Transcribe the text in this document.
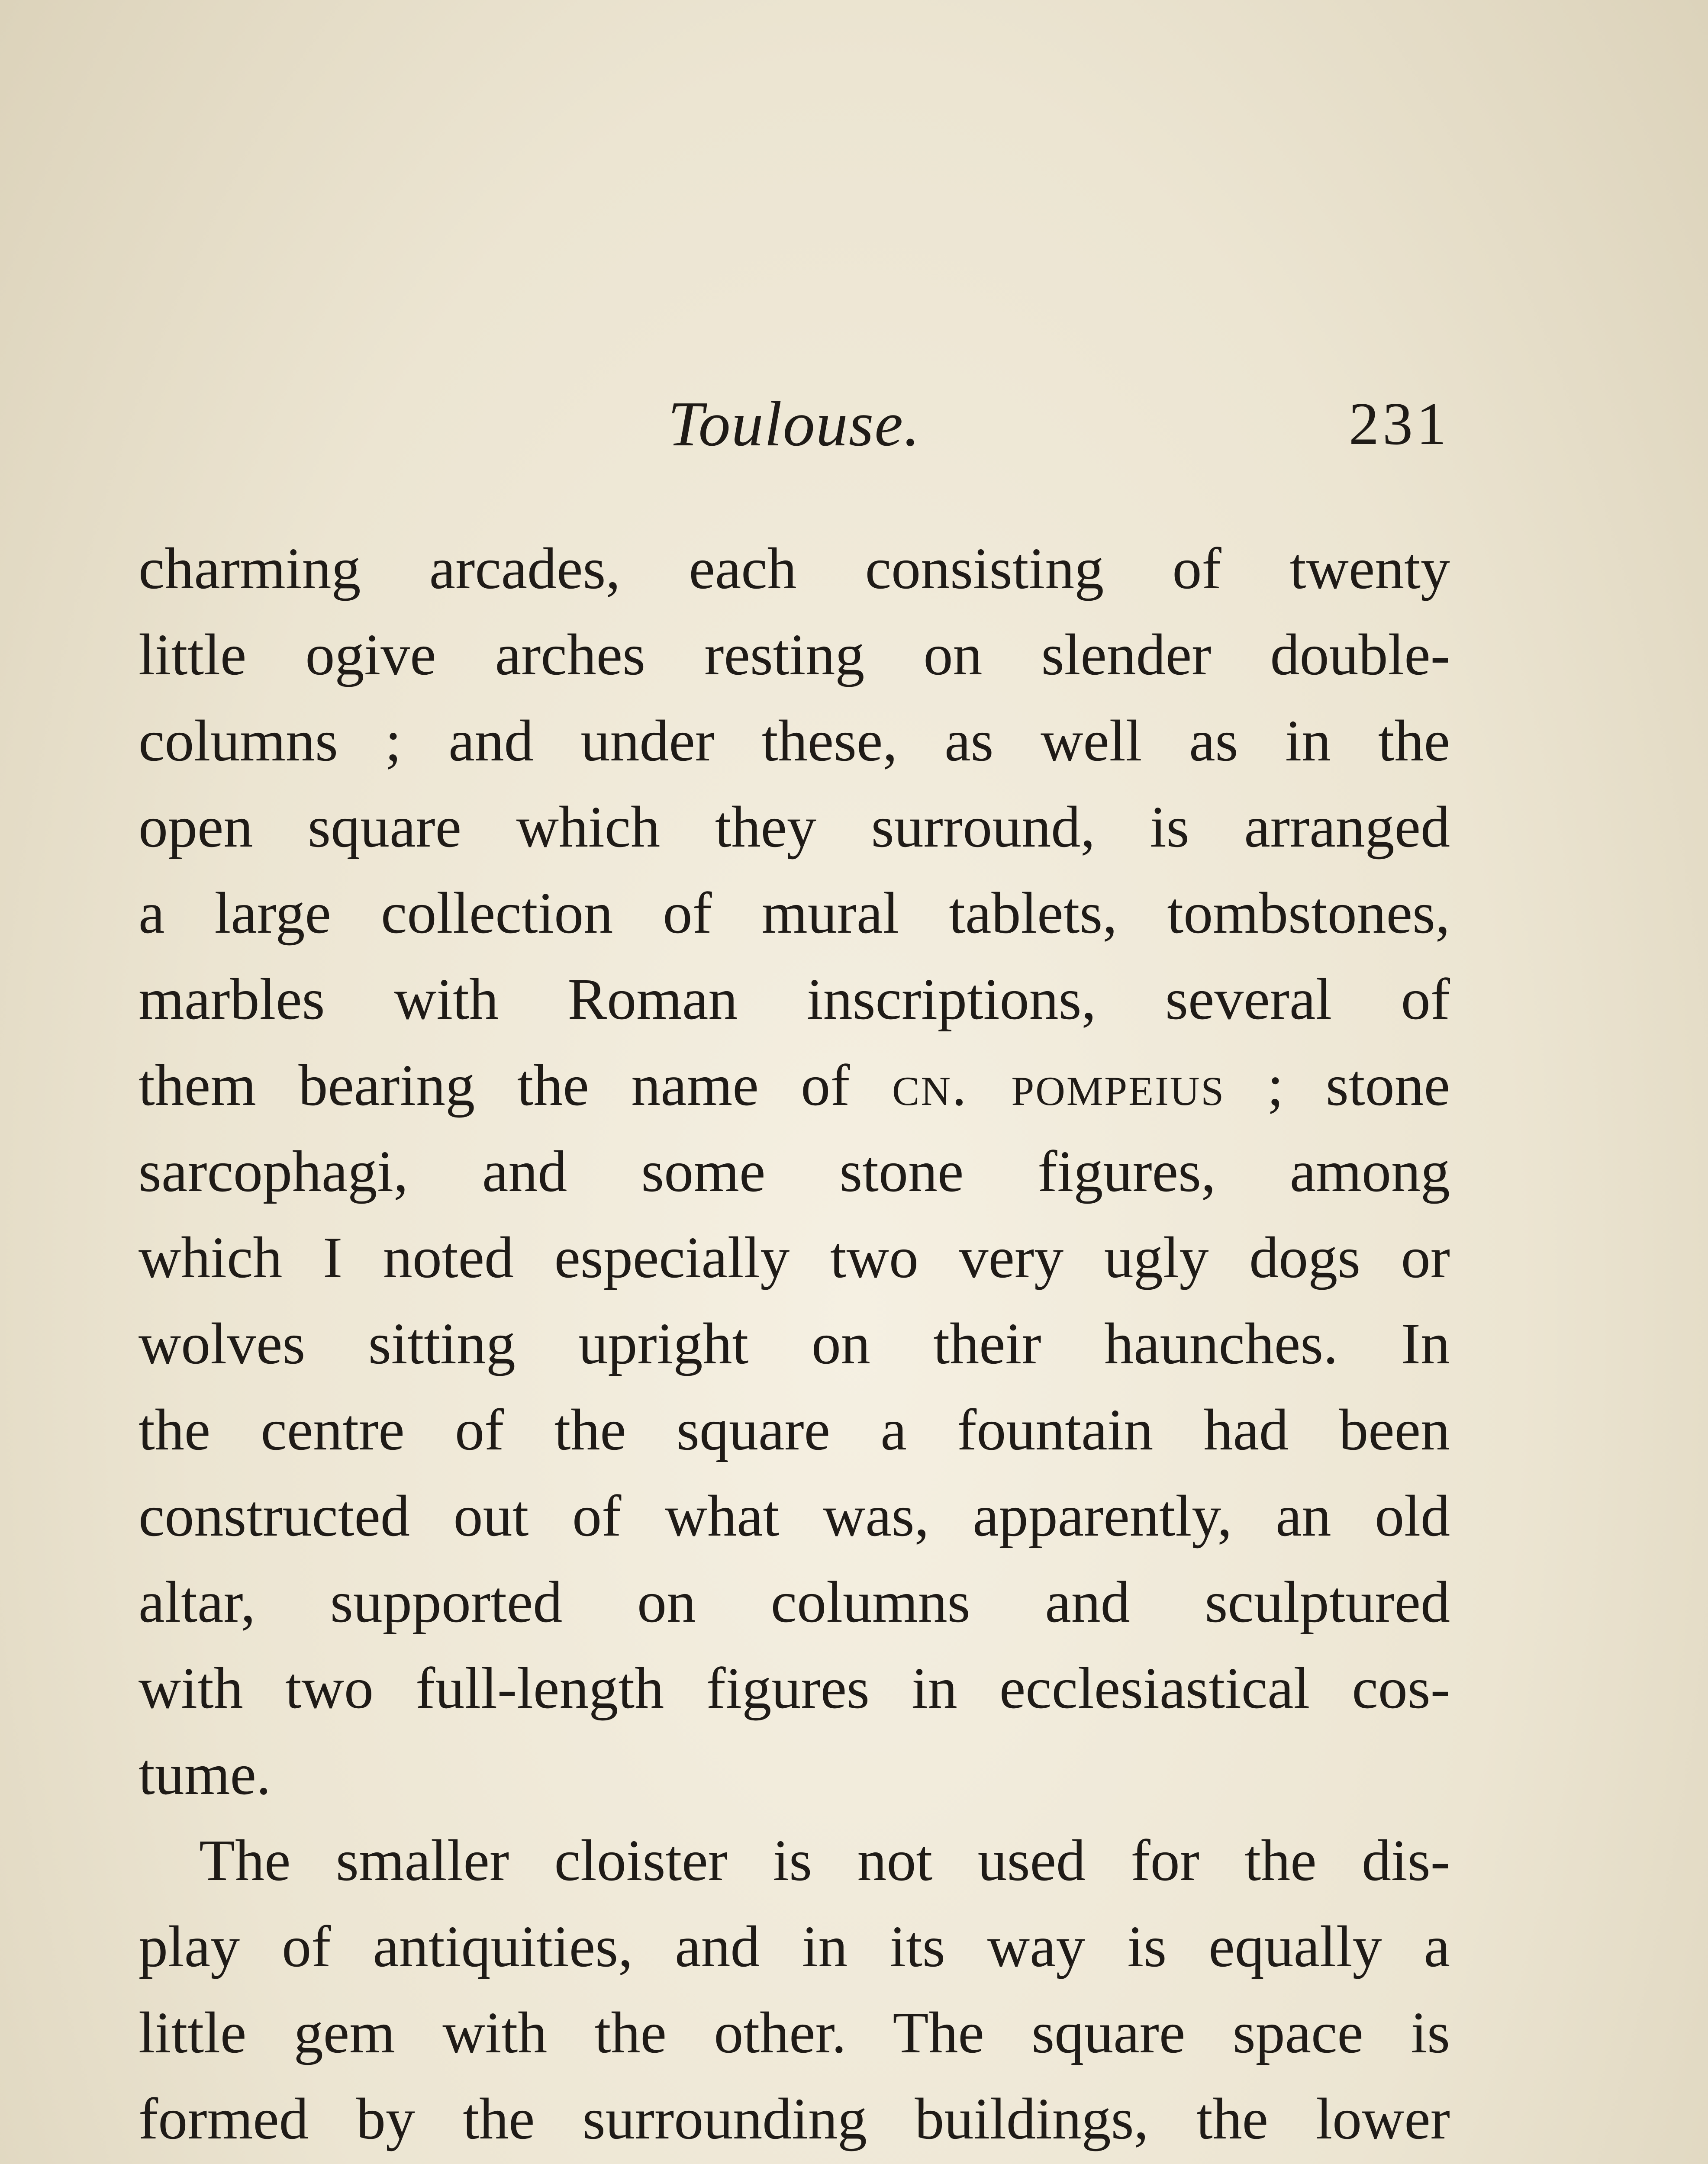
Toulouse.	231
charming arcades, each consisting of twenty
little ogive arches resting on slender double-
columns ; and under these, as well as in the
open square which they surround, is arranged
a large collection of mural tablets, tombstones,
marbles with Roman inscriptions, several of
them bearing the name of cn. pompeius ; stone
sarcophagi, and some stone figures, among
which I noted especially two very ugly dogs or
wolves sitting upright on their haunches. In
the centre of the square a fountain had been
constructed out of what was, apparently, an old
altar, supported on columns and sculptured
with two full-length figures in ecclesiastical cos-
tume.
The smaller cloister is not used for the dis-
play of antiquities, and in its way is equally a
little gem with the other. The square space is
formed by the surrounding buildings, the lower
